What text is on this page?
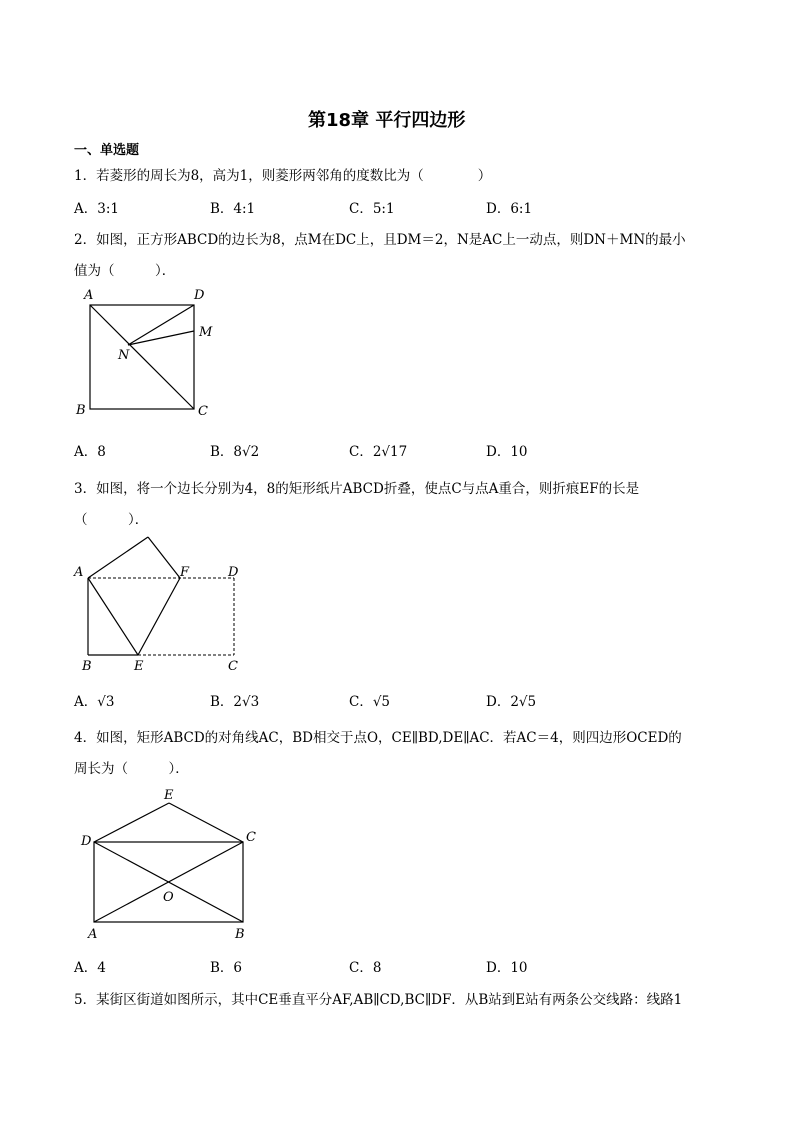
第18章 平行四边形
一、单选题
1．若菱形的周长为8，高为1，则菱形两邻角的度数比为（　　　　）
A．3:1	B．4:1	C．5:1	D．6:1
2．如图，正方形ABCD的边长为8，点M在DC上，且DM＝2，N是AC上一动点，则DN＋MN的最小
值为（　　　）．
A	D
M
N
B	C
A．8	B．8√2	C．2√17	D．10
3．如图，将一个边长分别为4，8的矩形纸片ABCD折叠，使点C与点A重合，则折痕EF的长是
（　　　）．
A	F	D
B	E	C
A．√3	B．2√3	C．√5	D．2√5
4．如图，矩形ABCD的对角线AC，BD相交于点O，CE∥BD,DE∥AC．若AC＝4，则四边形OCED的
周长为（　　　）．
E
D	C
O
A	B
A．4	B．6	C．8	D．10
5．某街区街道如图所示，其中CE垂直平分AF,AB∥CD,BC∥DF．从B站到E站有两条公交线路：线路1
